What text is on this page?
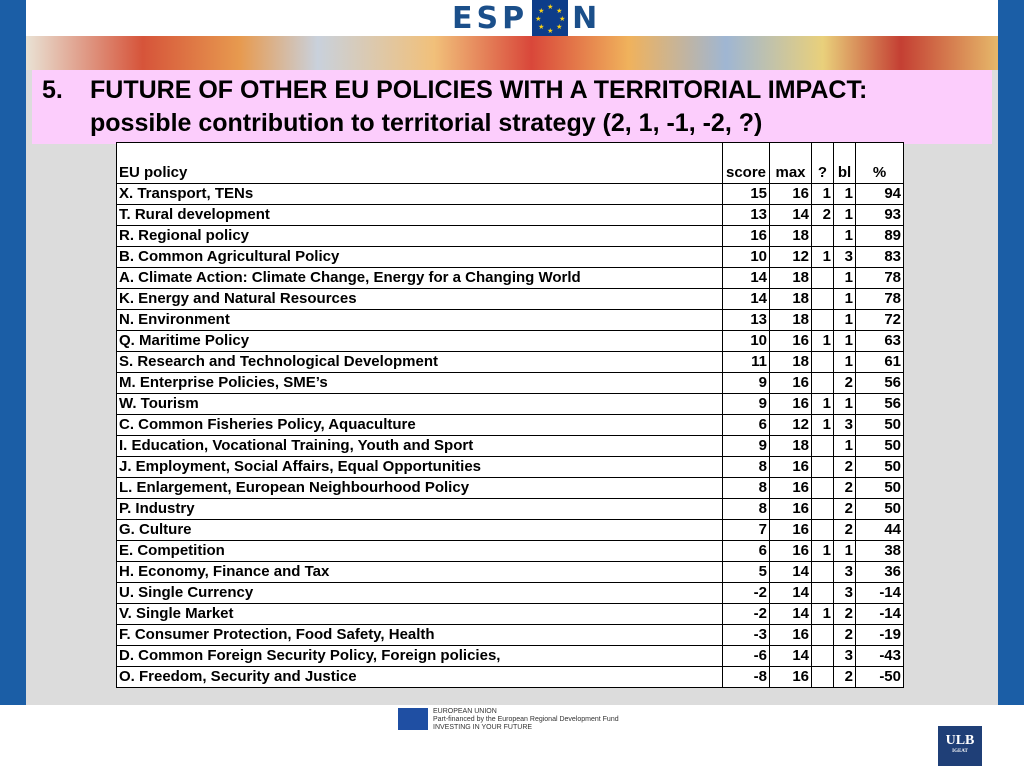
ESP	★
★
★
★
★
★
★
★ N
5. FUTURE OF OTHER EU POLICIES WITH A TERRITORIAL IMPACT:
possible contribution to territorial strategy (2, 1, -1, -2, ?)
EU policy	score	max	?	bl	%
X. Transport, TENs	15	16	1	1	94
T. Rural development	13	14	2	1	93
R. Regional policy	16	18		1	89
B. Common Agricultural Policy	10	12	1	3	83
A. Climate Action: Climate Change, Energy for a Changing World	14	18		1	78
K. Energy and Natural Resources	14	18		1	78
N. Environment	13	18		1	72
Q. Maritime Policy	10	16	1	1	63
S. Research and Technological Development	11	18		1	61
M. Enterprise Policies, SME’s	9	16		2	56
W. Tourism	9	16	1	1	56
C. Common Fisheries Policy, Aquaculture	6	12	1	3	50
I. Education, Vocational Training, Youth and Sport	9	18		1	50
J. Employment, Social Affairs, Equal Opportunities	8	16		2	50
L. Enlargement, European Neighbourhood Policy	8	16		2	50
P. Industry	8	16		2	50
G. Culture	7	16		2	44
E. Competition	6	16	1	1	38
H. Economy, Finance and Tax	5	14		3	36
U. Single Currency	-2	14		3	-14
V. Single Market	-2	14	1	2	-14
F. Consumer Protection, Food Safety, Health	-3	16		2	-19
D. Common Foreign Security Policy, Foreign policies,	-6	14		3	-43
O. Freedom, Security and Justice	-8	16		2	-50
EUROPEAN UNION
Part-financed by the European Regional Development Fund
INVESTING IN YOUR FUTURE
ULB
IGEAT
